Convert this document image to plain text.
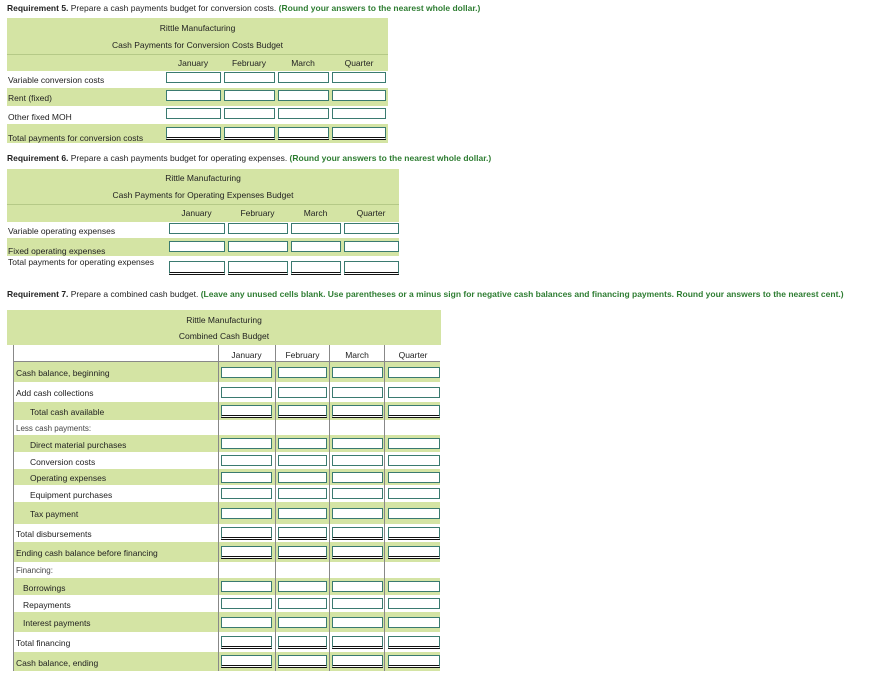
Requirement 5. Prepare a cash payments budget for conversion costs. (Round your answers to the nearest whole dollar.)
Rittle Manufacturing
Cash Payments for Conversion Costs Budget
January	February	March	Quarter
Variable conversion costs
Rent (fixed)
Other fixed MOH
Total payments for conversion costs
Requirement 6. Prepare a cash payments budget for operating expenses. (Round your answers to the nearest whole dollar.)
Rittle Manufacturing
Cash Payments for Operating Expenses Budget
January	February	March	Quarter
Variable operating expenses
Fixed operating expenses
Total payments for operating expenses
Requirement 7. Prepare a combined cash budget. (Leave any unused cells blank. Use parentheses or a minus sign for negative cash balances and financing payments. Round your answers to the nearest cent.)
Rittle Manufacturing
Combined Cash Budget
January	February	March	Quarter
Cash balance, beginning
Add cash collections
Total cash available
Less cash payments:
Direct material purchases
Conversion costs
Operating expenses
Equipment purchases
Tax payment
Total disbursements
Ending cash balance before financing
Financing:
Borrowings
Repayments
Interest payments
Total financing
Cash balance, ending
